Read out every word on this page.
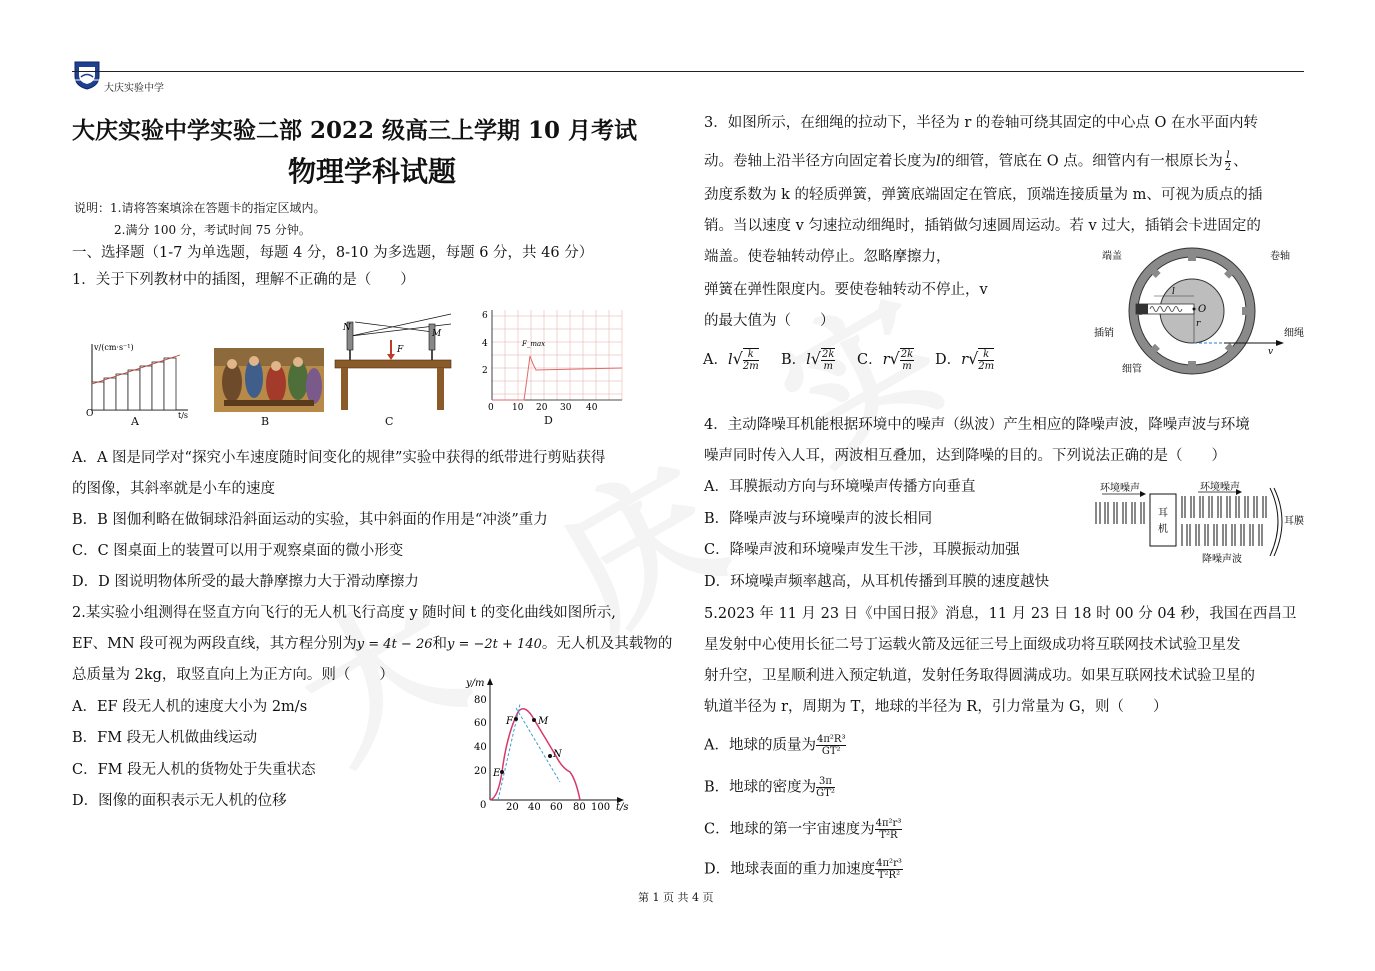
大庆实验中学
大庆实验中学实验二部 2022 级高三上学期 10 月考试
物理学科试题
说明：1.请将答案填涂在答题卡的指定区域内。
2.满分 100 分，考试时间 75 分钟。
一、选择题（1-7 为单选题，每题 4 分，8-10 为多选题，每题 6 分，共 46 分）
1．关于下列教材中的插图，理解不正确的是（　　）
O	t/s
v/(cm·s⁻¹)
A	B
N
M
F
C
6
4
2
0 10 20 30 40
F_max
D
A．A 图是同学对“探究小车速度随时间变化的规律”实验中获得的纸带进行剪贴获得
的图像，其斜率就是小车的速度
B．B 图伽利略在做铜球沿斜面运动的实验，其中斜面的作用是“冲淡”重力
C．C 图桌面上的装置可以用于观察桌面的微小形变
D．D 图说明物体所受的最大静摩擦力大于滑动摩擦力
2.某实验小组测得在竖直方向飞行的无人机飞行高度 y 随时间 t 的变化曲线如图所示,
EF、MN 段可视为两段直线，其方程分别为y = 4t − 26和y = −2t + 140。无人机及其载物的
总质量为 2kg，取竖直向上为正方向。则（　　）
A．EF 段无人机的速度大小为 2m/s
B．FM 段无人机做曲线运动
C．FM 段无人机的货物处于失重状态
D．图像的面积表示无人机的位移
E
F	M
N
y/m
t/s
80
60
40
20
0 20 40 60 80 100
3．如图所示，在细绳的拉动下，半径为 r 的卷轴可绕其固定的中心点 O 在水平面内转
动。卷轴上沿半径方向固定着长度为l的细管，管底在 O 点。细管内有一根原长为 $\frac{l}{2}$ 、
劲度系数为 k 的轻质弹簧，弹簧底端固定在管底，顶端连接质量为 m、可视为质点的插
销。当以速度 v 匀速拉动细绳时，插销做匀速圆周运动。若 v 过大，插销会卡进固定的
端盖。使卷轴转动停止。忽略摩擦力，
弹簧在弹性限度内。要使卷轴转动不停止，v
的最大值为（　　）
A．$l√ \frac{k}{2m}$ B．$l√ \frac{2k}{m}$ C．$r√ \frac{2k}{m}$ D．$r√ \frac{k}{2m}$
O
r
l
v
端盖	卷轴
插销
细管
细绳
4．主动降噪耳机能根据环境中的噪声（纵波）产生相应的降噪声波，降噪声波与环境
噪声同时传入人耳，两波相互叠加，达到降噪的目的。下列说法正确的是（　　）
A．耳膜振动方向与环境噪声传播方向垂直
B．降噪声波与环境噪声的波长相同
C．降噪声波和环境噪声发生干涉，耳膜振动加强
D．环境噪声频率越高，从耳机传播到耳膜的速度越快
环境噪声	环境噪声
耳
机
耳膜
降噪声波
5.2023 年 11 月 23 日《中国日报》消息，11 月 23 日 18 时 00 分 04 秒，我国在西昌卫
星发射中心使用长征二号丁运载火箭及远征三号上面级成功将互联网技术试验卫星发
射升空，卫星顺利进入预定轨道，发射任务取得圆满成功。如果互联网技术试验卫星的
轨道半径为 r，周期为 T，地球的半径为 R，引力常量为 G，则（　　）
A．地球的质量为 $\frac{\text{4π²R³}}{\text{GT²}}$
B．地球的密度为 $\frac{3\pi}{\text{GT²}}$
C．地球的第一宇宙速度为 $\frac{\text{4π²r³}}{\text{T²R}}$
D．地球表面的重力加速度 $\frac{\text{4π²r³}}{\text{T²R²}}$
第 1 页 共 4 页
